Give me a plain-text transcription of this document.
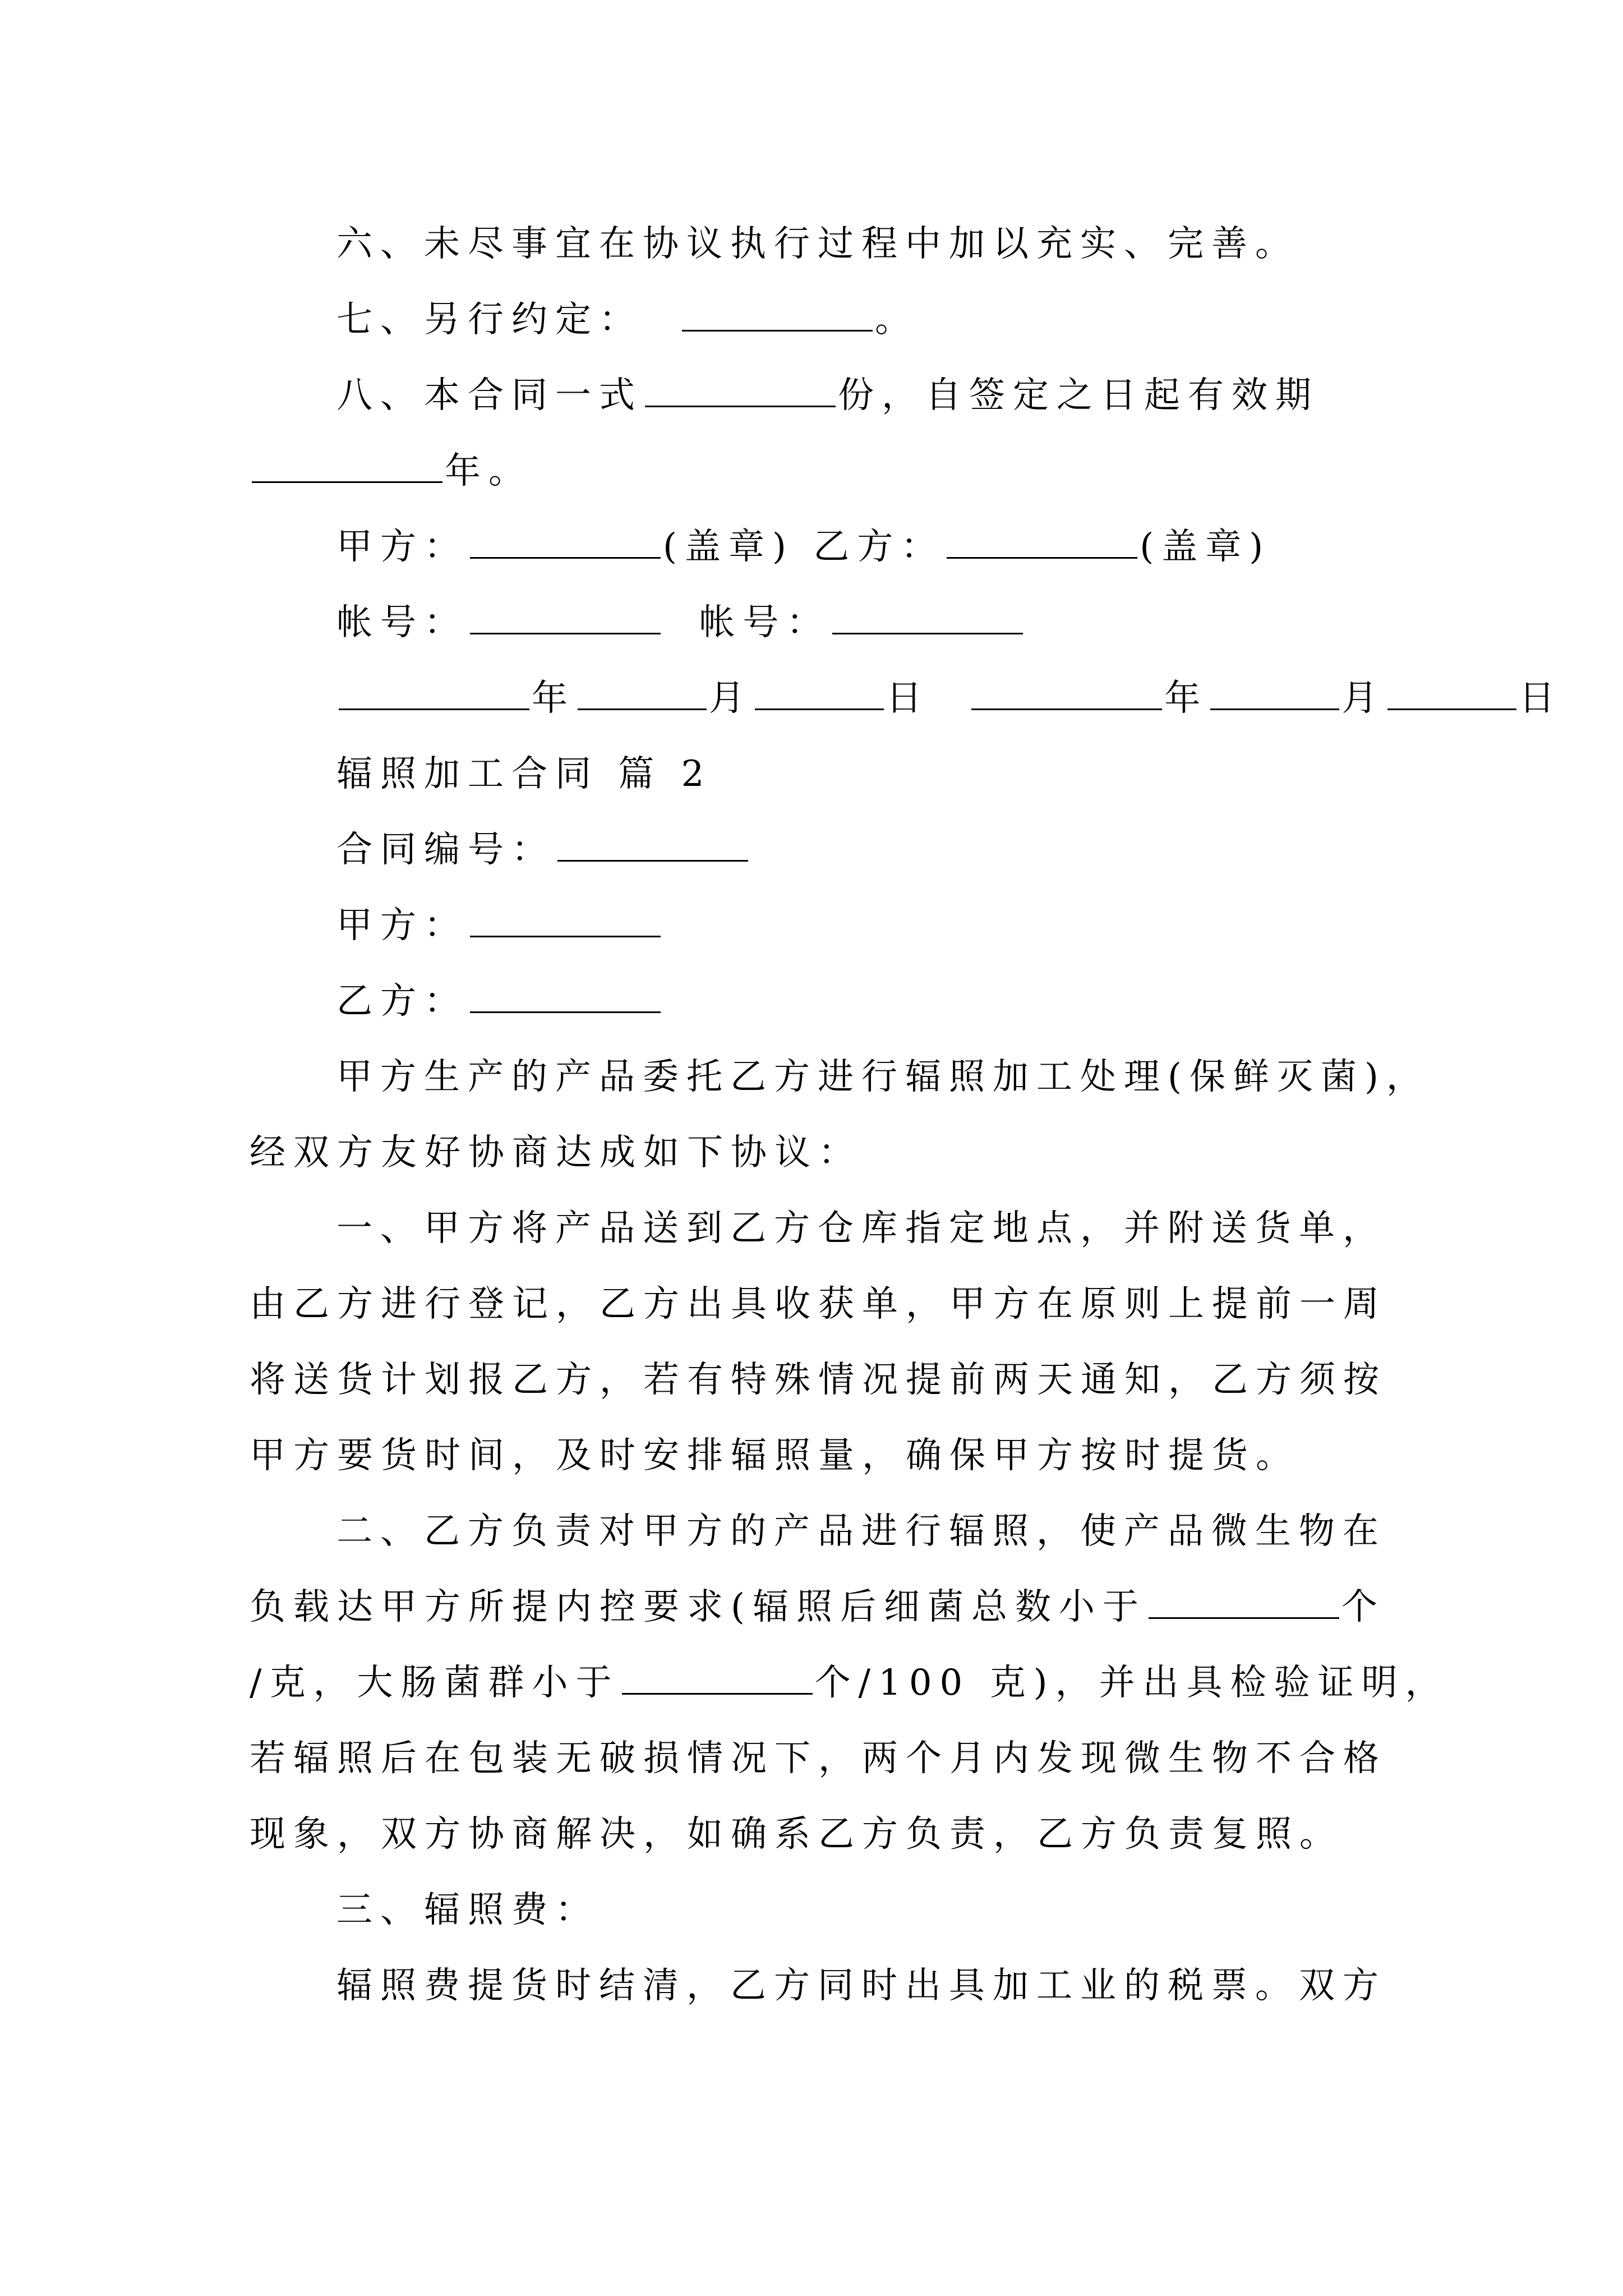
六、未尽事宜在协议执行过程中加以充实、完善。
七、另行约定：	。
八、本合同一式	份，自签定之日起有效期
年。
甲方：	(盖章) 乙方：	(盖章)
帐号：	帐号：
年	月	日	年	月	日
辐照加工合同 篇 2
合同编号：
甲方：
乙方：
甲方生产的产品委托乙方进行辐照加工处理(保鲜灭菌)，
经双方友好协商达成如下协议：
一、甲方将产品送到乙方仓库指定地点，并附送货单，
由乙方进行登记，乙方出具收获单，甲方在原则上提前一周
将送货计划报乙方，若有特殊情况提前两天通知，乙方须按
甲方要货时间，及时安排辐照量，确保甲方按时提货。
二、乙方负责对甲方的产品进行辐照，使产品微生物在
负载达甲方所提内控要求(辐照后细菌总数小于	个
/克，大肠菌群小于	个/100 克)，并出具检验证明，
若辐照后在包装无破损情况下，两个月内发现微生物不合格
现象，双方协商解决，如确系乙方负责，乙方负责复照。
三、辐照费：
辐照费提货时结清，乙方同时出具加工业的税票。双方
